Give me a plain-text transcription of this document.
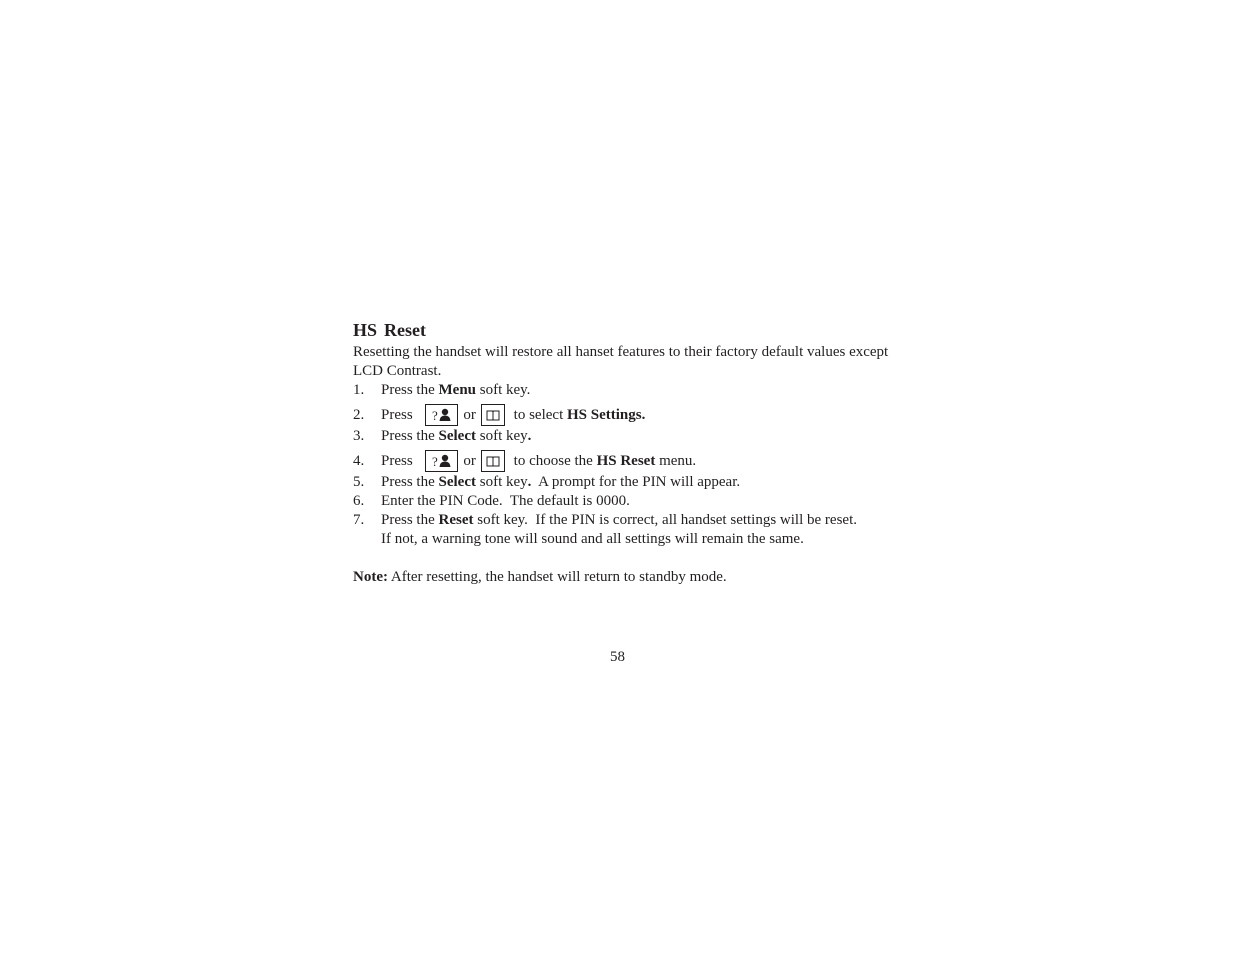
HS Reset

Resetting the handset will restore all hanset features to their factory default values except LCD Contrast.

1. Press the Menu soft key.
2. Press ? or to select HS Settings.
3. Press the Select soft key.
4. Press ? or to choose the HS Reset menu.
5. Press the Select soft key.  A prompt for the PIN will appear.
6. Enter the PIN Code.  The default is 0000.
7. Press the Reset soft key.  If the PIN is correct, all handset settings will be reset.
If not, a warning tone will sound and all settings will remain the same.

Note: After resetting, the handset will return to standby mode.

58
